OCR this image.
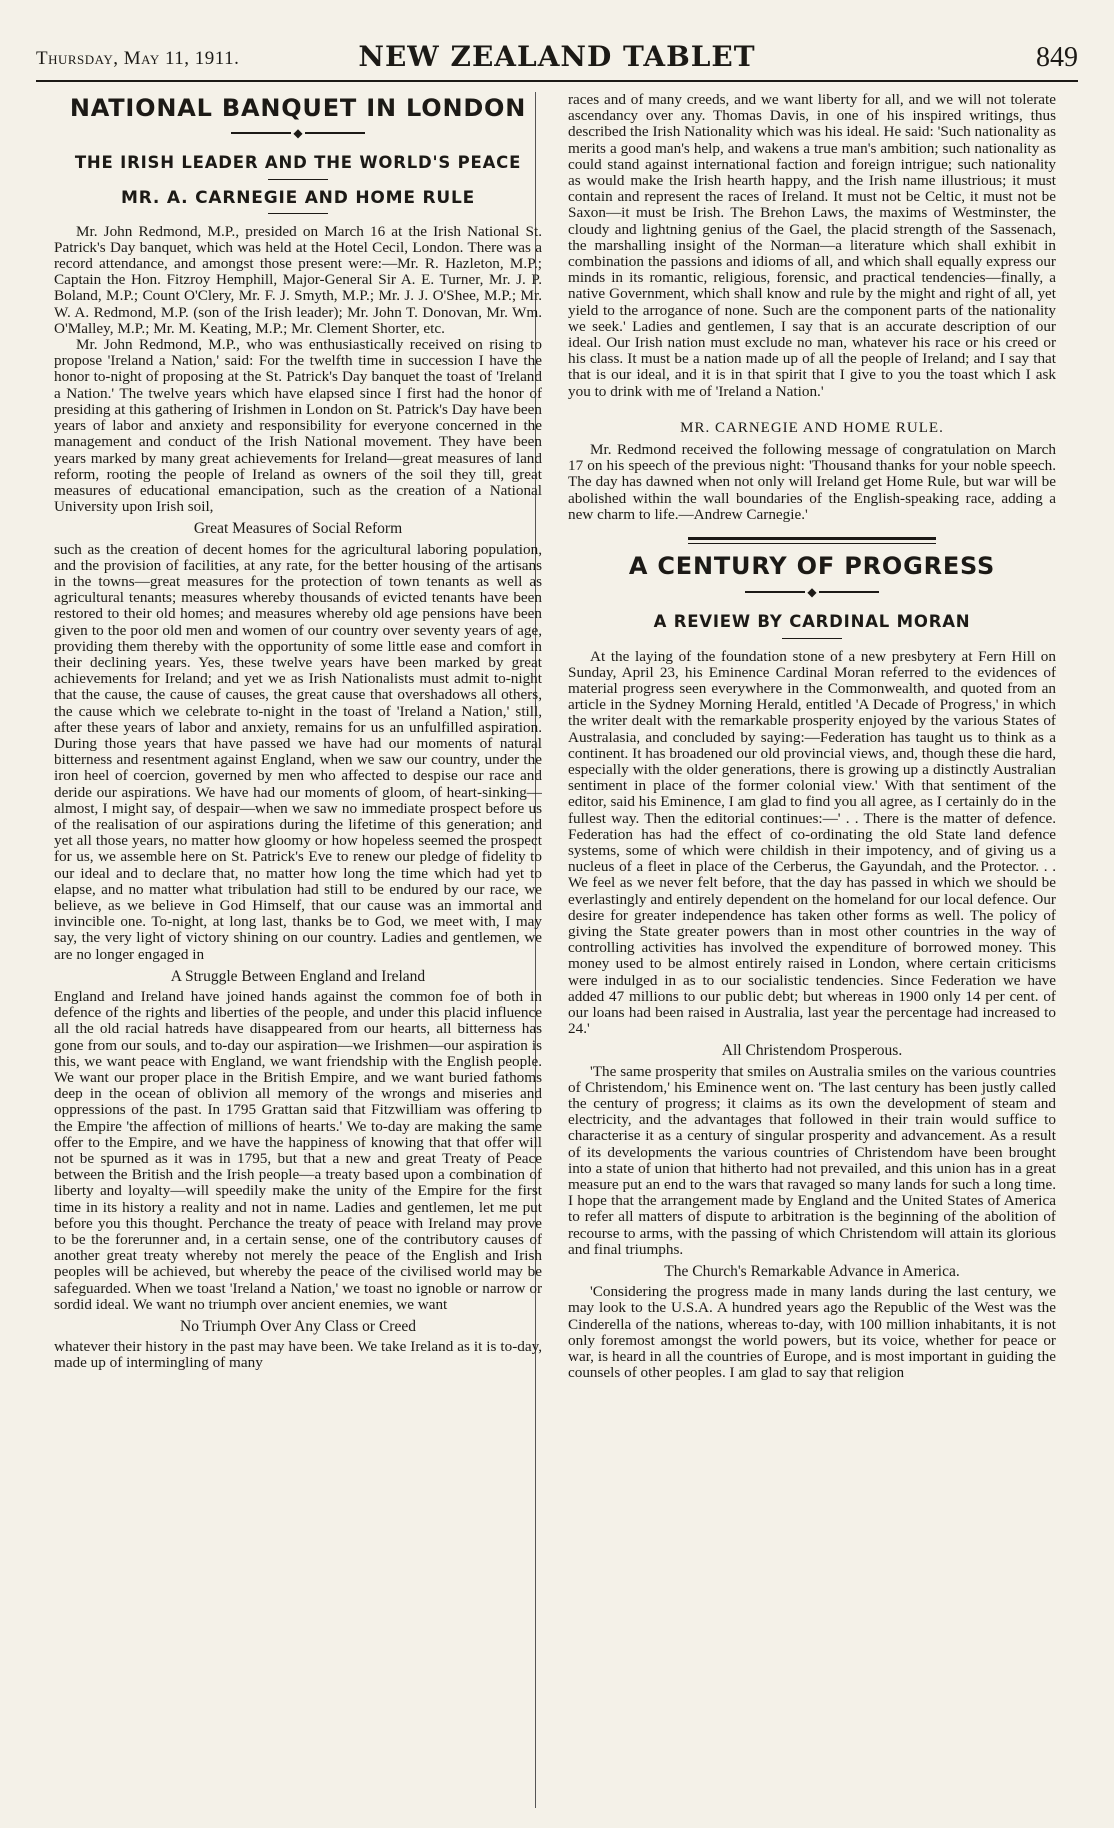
Thursday, May 11, 1911.	NEW ZEALAND TABLET	849
NATIONAL BANQUET IN LONDON
◆
THE IRISH LEADER AND THE WORLD'S PEACE
MR. A. CARNEGIE AND HOME RULE

Mr. John Redmond, M.P., presided on March 16 at the Irish National St. Patrick's Day banquet, which was held at the Hotel Cecil, London. There was a record attendance, and amongst those present were:—Mr. R. Hazleton, M.P.; Captain the Hon. Fitzroy Hemphill, Major-General Sir A. E. Turner, Mr. J. P. Boland, M.P.; Count O'Clery, Mr. F. J. Smyth, M.P.; Mr. J. J. O'Shee, M.P.; Mr. W. A. Redmond, M.P. (son of the Irish leader); Mr. John T. Donovan, Mr. Wm. O'Malley, M.P.; Mr. M. Keating, M.P.; Mr. Clement Shorter, etc.

Mr. John Redmond, M.P., who was enthusiastically received on rising to propose 'Ireland a Nation,' said: For the twelfth time in succession I have the honor to-night of proposing at the St. Patrick's Day banquet the toast of 'Ireland a Nation.' The twelve years which have elapsed since I first had the honor of presiding at this gathering of Irishmen in London on St. Patrick's Day have been years of labor and anxiety and responsibility for everyone concerned in the management and conduct of the Irish National movement. They have been years marked by many great achievements for Ireland—great measures of land reform, rooting the people of Ireland as owners of the soil they till, great measures of educational emancipation, such as the creation of a National University upon Irish soil,

Great Measures of Social Reform

such as the creation of decent homes for the agricultural laboring population, and the provision of facilities, at any rate, for the better housing of the artisans in the towns—great measures for the protection of town tenants as well as agricultural tenants; measures whereby thousands of evicted tenants have been restored to their old homes; and measures whereby old age pensions have been given to the poor old men and women of our country over seventy years of age, providing them thereby with the opportunity of some little ease and comfort in their declining years. Yes, these twelve years have been marked by great achievements for Ireland; and yet we as Irish Nationalists must admit to-night that the cause, the cause of causes, the great cause that overshadows all others, the cause which we celebrate to-night in the toast of 'Ireland a Nation,' still, after these years of labor and anxiety, remains for us an unfulfilled aspiration. During those years that have passed we have had our moments of natural bitterness and resentment against England, when we saw our country, under the iron heel of coercion, governed by men who affected to despise our race and deride our aspirations. We have had our moments of gloom, of heart-sinking—almost, I might say, of despair—when we saw no immediate prospect before us of the realisation of our aspirations during the lifetime of this generation; and yet all those years, no matter how gloomy or how hopeless seemed the prospect for us, we assemble here on St. Patrick's Eve to renew our pledge of fidelity to our ideal and to declare that, no matter how long the time which had yet to elapse, and no matter what tribulation had still to be endured by our race, we believe, as we believe in God Himself, that our cause was an immortal and invincible one. To-night, at long last, thanks be to God, we meet with, I may say, the very light of victory shining on our country. Ladies and gentlemen, we are no longer engaged in

A Struggle Between England and Ireland

England and Ireland have joined hands against the common foe of both in defence of the rights and liberties of the people, and under this placid influence all the old racial hatreds have disappeared from our hearts, all bitterness has gone from our souls, and to-day our aspiration—we Irishmen—our aspiration is this, we want peace with England, we want friendship with the English people. We want our proper place in the British Empire, and we want buried fathoms deep in the ocean of oblivion all memory of the wrongs and miseries and oppressions of the past. In 1795 Grattan said that Fitzwilliam was offering to the Empire 'the affection of millions of hearts.' We to-day are making the same offer to the Empire, and we have the happiness of knowing that that offer will not be spurned as it was in 1795, but that a new and great Treaty of Peace between the British and the Irish people—a treaty based upon a combination of liberty and loyalty—will speedily make the unity of the Empire for the first time in its history a reality and not in name. Ladies and gentlemen, let me put before you this thought. Perchance the treaty of peace with Ireland may prove to be the forerunner and, in a certain sense, one of the contributory causes of another great treaty whereby not merely the peace of the English and Irish peoples will be achieved, but whereby the peace of the civilised world may be safeguarded. When we toast 'Ireland a Nation,' we toast no ignoble or narrow or sordid ideal. We want no triumph over ancient enemies, we want

No Triumph Over Any Class or Creed

whatever their history in the past may have been. We take Ireland as it is to-day, made up of intermingling of many

races and of many creeds, and we want liberty for all, and we will not tolerate ascendancy over any. Thomas Davis, in one of his inspired writings, thus described the Irish Nationality which was his ideal. He said: 'Such nationality as merits a good man's help, and wakens a true man's ambition; such nationality as could stand against international faction and foreign intrigue; such nationality as would make the Irish hearth happy, and the Irish name illustrious; it must contain and represent the races of Ireland. It must not be Celtic, it must not be Saxon—it must be Irish. The Brehon Laws, the maxims of Westminster, the cloudy and lightning genius of the Gael, the placid strength of the Sassenach, the marshalling insight of the Norman—a literature which shall exhibit in combination the passions and idioms of all, and which shall equally express our minds in its romantic, religious, forensic, and practical tendencies—finally, a native Government, which shall know and rule by the might and right of all, yet yield to the arrogance of none. Such are the component parts of the nationality we seek.' Ladies and gentlemen, I say that is an accurate description of our ideal. Our Irish nation must exclude no man, whatever his race or his creed or his class. It must be a nation made up of all the people of Ireland; and I say that that is our ideal, and it is in that spirit that I give to you the toast which I ask you to drink with me of 'Ireland a Nation.'

MR. CARNEGIE AND HOME RULE.

Mr. Redmond received the following message of congratulation on March 17 on his speech of the previous night: 'Thousand thanks for your noble speech. The day has dawned when not only will Ireland get Home Rule, but war will be abolished within the wall boundaries of the English-speaking race, adding a new charm to life.—Andrew Carnegie.'

A CENTURY OF PROGRESS
◆
A REVIEW BY CARDINAL MORAN

At the laying of the foundation stone of a new presbytery at Fern Hill on Sunday, April 23, his Eminence Cardinal Moran referred to the evidences of material progress seen everywhere in the Commonwealth, and quoted from an article in the Sydney Morning Herald, entitled 'A Decade of Progress,' in which the writer dealt with the remarkable prosperity enjoyed by the various States of Australasia, and concluded by saying:—Federation has taught us to think as a continent. It has broadened our old provincial views, and, though these die hard, especially with the older generations, there is growing up a distinctly Australian sentiment in place of the former colonial view.' With that sentiment of the editor, said his Eminence, I am glad to find you all agree, as I certainly do in the fullest way. Then the editorial continues:—' . . There is the matter of defence. Federation has had the effect of co-ordinating the old State land defence systems, some of which were childish in their impotency, and of giving us a nucleus of a fleet in place of the Cerberus, the Gayundah, and the Protector. . . We feel as we never felt before, that the day has passed in which we should be everlastingly and entirely dependent on the homeland for our local defence. Our desire for greater independence has taken other forms as well. The policy of giving the State greater powers than in most other countries in the way of controlling activities has involved the expenditure of borrowed money. This money used to be almost entirely raised in London, where certain criticisms were indulged in as to our socialistic tendencies. Since Federation we have added 47 millions to our public debt; but whereas in 1900 only 14 per cent. of our loans had been raised in Australia, last year the percentage had increased to 24.'

All Christendom Prosperous.

'The same prosperity that smiles on Australia smiles on the various countries of Christendom,' his Eminence went on. 'The last century has been justly called the century of progress; it claims as its own the development of steam and electricity, and the advantages that followed in their train would suffice to characterise it as a century of singular prosperity and advancement. As a result of its developments the various countries of Christendom have been brought into a state of union that hitherto had not prevailed, and this union has in a great measure put an end to the wars that ravaged so many lands for such a long time. I hope that the arrangement made by England and the United States of America to refer all matters of dispute to arbitration is the beginning of the abolition of recourse to arms, with the passing of which Christendom will attain its glorious and final triumphs.

The Church's Remarkable Advance in America.

'Considering the progress made in many lands during the last century, we may look to the U.S.A. A hundred years ago the Republic of the West was the Cinderella of the nations, whereas to-day, with 100 million inhabitants, it is not only foremost amongst the world powers, but its voice, whether for peace or war, is heard in all the countries of Europe, and is most important in guiding the counsels of other peoples. I am glad to say that religion
